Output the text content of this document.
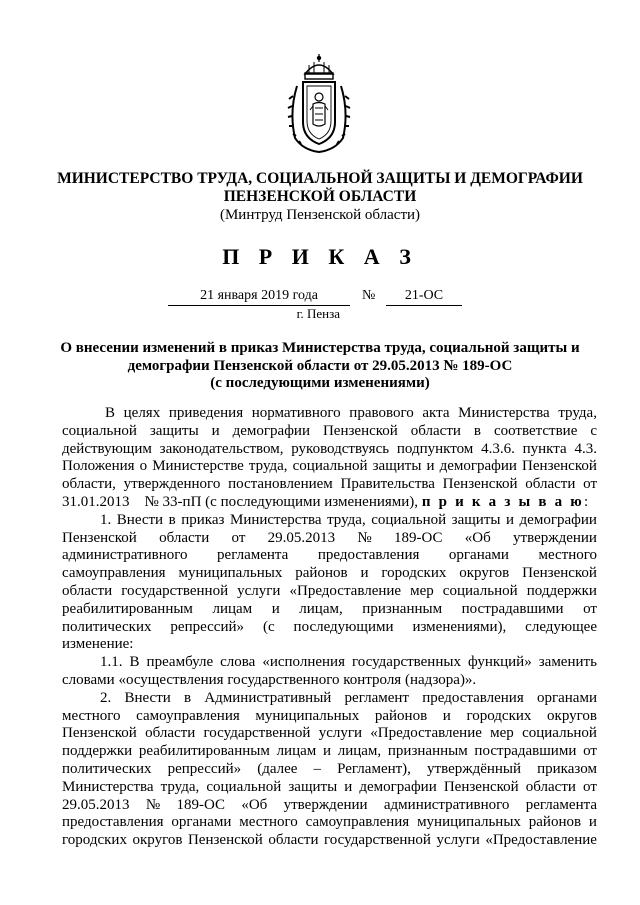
МИНИСТЕРСТВО ТРУДА, СОЦИАЛЬНОЙ ЗАЩИТЫ И ДЕМОГРАФИИ
ПЕНЗЕНСКОЙ ОБЛАСТИ
(Минтруд Пензенской области)
П Р И К А З
21 января 2019 года	№	21-ОС
г. Пенза
О внесении изменений в приказ Министерства труда, социальной защиты и
демографии Пензенской области от 29.05.2013 № 189-ОС
(с последующими изменениями)
В целях приведения нормативного правового акта Министерства труда,
социальной защиты и демографии Пензенской области в соответствие с
действующим законодательством, руководствуясь подпунктом 4.3.6. пункта 4.3.
Положения о Министерстве труда, социальной защиты и демографии Пензенской
области, утвержденного постановлением Правительства Пензенской области от
31.01.2013    № 33-пП (с последующими изменениями), п р и к а з ы в а ю :
1. Внести в приказ Министерства труда, социальной защиты и демографии
Пензенской области от 29.05.2013 № 189-ОС «Об утверждении
административного регламента предоставления органами местного
самоуправления муниципальных районов и городских округов Пензенской
области государственной услуги «Предоставление мер социальной поддержки
реабилитированным лицам и лицам, признанным пострадавшими от
политических репрессий» (с последующими изменениями), следующее
изменение:
1.1. В преамбуле слова «исполнения государственных функций» заменить
словами «осуществления государственного контроля (надзора)».
2. Внести в Административный регламент предоставления органами
местного самоуправления муниципальных районов и городских округов
Пензенской области государственной услуги «Предоставление мер социальной
поддержки реабилитированным лицам и лицам, признанным пострадавшими от
политических репрессий» (далее – Регламент), утверждённый приказом
Министерства труда, социальной защиты и демографии Пензенской области от
29.05.2013 № 189-ОС «Об утверждении административного регламента
предоставления органами местного самоуправления муниципальных районов и
городских округов Пензенской области государственной услуги «Предоставление
